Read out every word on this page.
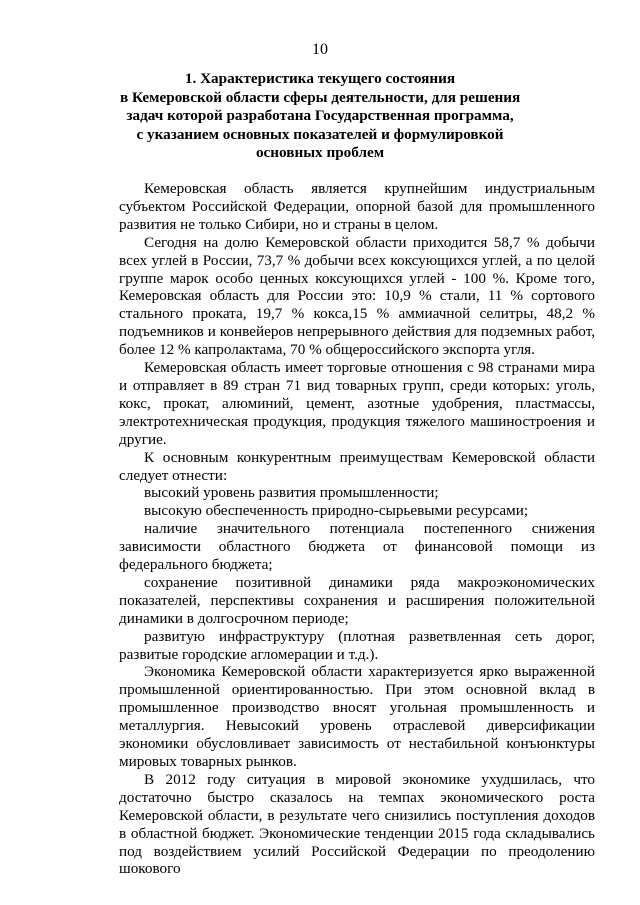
10
1. Характеристика текущего состояния
в Кемеровской области сферы деятельности, для решения
задач которой разработана Государственная программа,
с указанием основных показателей и формулировкой
основных проблем

Кемеровская область является крупнейшим индустриальным субъектом Российской Федерации, опорной базой для промышленного развития не только Сибири, но и страны в целом.

Сегодня на долю Кемеровской области приходится 58,7 % добычи всех углей в России, 73,7 % добычи всех коксующихся углей, а по целой группе марок особо ценных коксующихся углей - 100 %. Кроме того, Кемеровская область для России это: 10,9 % стали, 11 % сортового стального проката, 19,7 % кокса,15 % аммиачной селитры, 48,2 % подъемников и конвейеров непрерывного действия для подземных работ, более 12 % капролактама, 70 % общероссийского экспорта угля.

Кемеровская область имеет торговые отношения с 98 странами мира и отправляет в 89 стран 71 вид товарных групп, среди которых: уголь, кокс, прокат, алюминий, цемент, азотные удобрения, пластмассы, электротехническая продукция, продукция тяжелого машиностроения и другие.

К основным конкурентным преимуществам Кемеровской области следует отнести:

высокий уровень развития промышленности;

высокую обеспеченность природно-сырьевыми ресурсами;

наличие значительного потенциала постепенного снижения зависимости областного бюджета от финансовой помощи из федерального бюджета;

сохранение позитивной динамики ряда макроэкономических показателей, перспективы сохранения и расширения положительной динамики в долгосрочном периоде;

развитую инфраструктуру (плотная разветвленная сеть дорог, развитые городские агломерации и т.д.).

Экономика Кемеровской области характеризуется ярко выраженной промышленной ориентированностью. При этом основной вклад в промышленное производство вносят угольная промышленность и металлургия. Невысокий уровень отраслевой диверсификации экономики обусловливает зависимость от нестабильной конъюнктуры мировых товарных рынков.

В 2012 году ситуация в мировой экономике ухудшилась, что достаточно быстро сказалось на темпах экономического роста Кемеровской области, в результате чего снизились поступления доходов в областной бюджет. Экономические тенденции 2015 года складывались под воздействием усилий Российской Федерации по преодолению шокового
